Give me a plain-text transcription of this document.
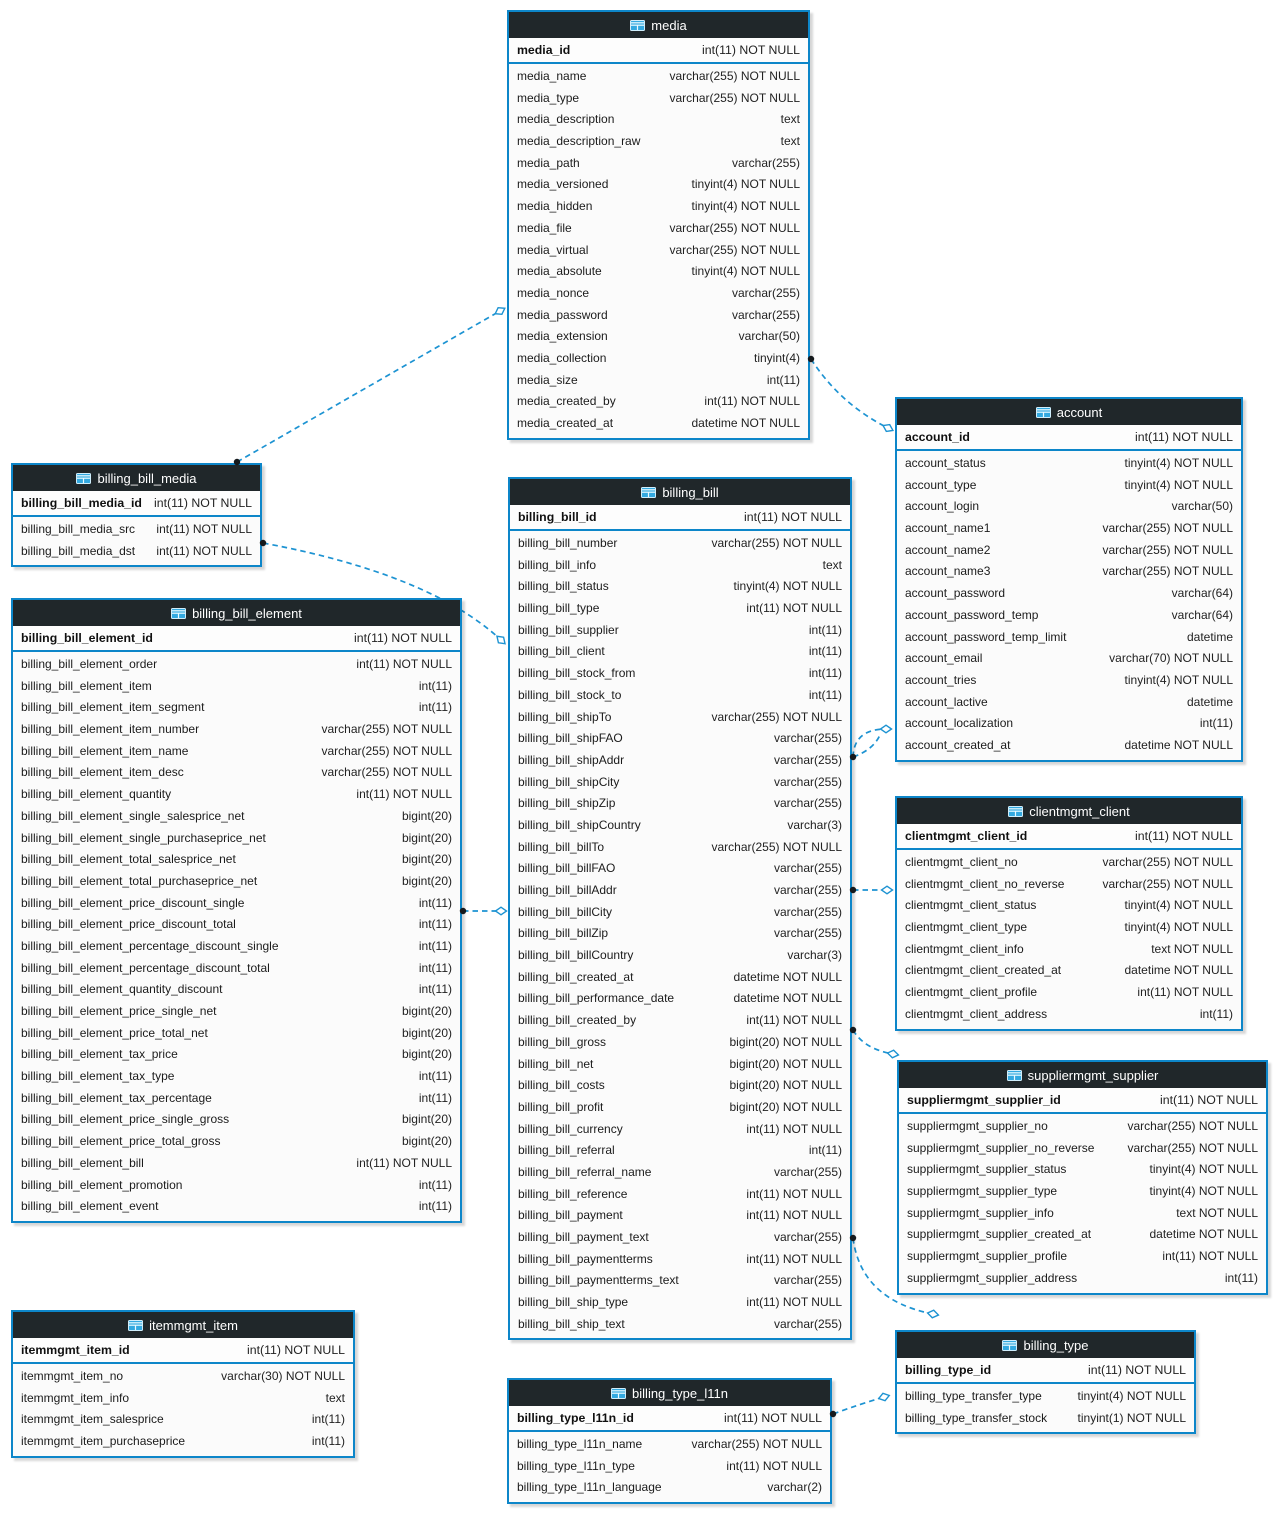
media
media_id	int(11) NOT NULL
media_name	varchar(255) NOT NULL
media_type	varchar(255) NOT NULL
media_description	text
media_description_raw	text
media_path	varchar(255)
media_versioned	tinyint(4) NOT NULL
media_hidden	tinyint(4) NOT NULL
media_file	varchar(255) NOT NULL
media_virtual	varchar(255) NOT NULL
media_absolute	tinyint(4) NOT NULL
media_nonce	varchar(255)
media_password	varchar(255)
media_extension	varchar(50)
media_collection	tinyint(4)
media_size	int(11)
media_created_by	int(11) NOT NULL
media_created_at	datetime NOT NULL
billing_bill_media
billing_bill_media_id int(11) NOT NULL
billing_bill_media_src int(11) NOT NULL
billing_bill_media_dst int(11) NOT NULL
billing_bill_element
billing_bill_element_id	int(11) NOT NULL
billing_bill_element_order	int(11) NOT NULL
billing_bill_element_item	int(11)
billing_bill_element_item_segment	int(11)
billing_bill_element_item_number	varchar(255) NOT NULL
billing_bill_element_item_name	varchar(255) NOT NULL
billing_bill_element_item_desc	varchar(255) NOT NULL
billing_bill_element_quantity	int(11) NOT NULL
billing_bill_element_single_salesprice_net	bigint(20)
billing_bill_element_single_purchaseprice_net	bigint(20)
billing_bill_element_total_salesprice_net	bigint(20)
billing_bill_element_total_purchaseprice_net	bigint(20)
billing_bill_element_price_discount_single	int(11)
billing_bill_element_price_discount_total	int(11)
billing_bill_element_percentage_discount_single	int(11)
billing_bill_element_percentage_discount_total	int(11)
billing_bill_element_quantity_discount	int(11)
billing_bill_element_price_single_net	bigint(20)
billing_bill_element_price_total_net	bigint(20)
billing_bill_element_tax_price	bigint(20)
billing_bill_element_tax_type	int(11)
billing_bill_element_tax_percentage	int(11)
billing_bill_element_price_single_gross	bigint(20)
billing_bill_element_price_total_gross	bigint(20)
billing_bill_element_bill	int(11) NOT NULL
billing_bill_element_promotion	int(11)
billing_bill_element_event	int(11)
billing_bill
billing_bill_id	int(11) NOT NULL
billing_bill_number	varchar(255) NOT NULL
billing_bill_info	text
billing_bill_status	tinyint(4) NOT NULL
billing_bill_type	int(11) NOT NULL
billing_bill_supplier	int(11)
billing_bill_client	int(11)
billing_bill_stock_from	int(11)
billing_bill_stock_to	int(11)
billing_bill_shipTo	varchar(255) NOT NULL
billing_bill_shipFAO	varchar(255)
billing_bill_shipAddr	varchar(255)
billing_bill_shipCity	varchar(255)
billing_bill_shipZip	varchar(255)
billing_bill_shipCountry	varchar(3)
billing_bill_billTo	varchar(255) NOT NULL
billing_bill_billFAO	varchar(255)
billing_bill_billAddr	varchar(255)
billing_bill_billCity	varchar(255)
billing_bill_billZip	varchar(255)
billing_bill_billCountry	varchar(3)
billing_bill_created_at	datetime NOT NULL
billing_bill_performance_date	datetime NOT NULL
billing_bill_created_by	int(11) NOT NULL
billing_bill_gross	bigint(20) NOT NULL
billing_bill_net	bigint(20) NOT NULL
billing_bill_costs	bigint(20) NOT NULL
billing_bill_profit	bigint(20) NOT NULL
billing_bill_currency	int(11) NOT NULL
billing_bill_referral	int(11)
billing_bill_referral_name	varchar(255)
billing_bill_reference	int(11) NOT NULL
billing_bill_payment	int(11) NOT NULL
billing_bill_payment_text	varchar(255)
billing_bill_paymentterms	int(11) NOT NULL
billing_bill_paymentterms_text	varchar(255)
billing_bill_ship_type	int(11) NOT NULL
billing_bill_ship_text	varchar(255)
account
account_id	int(11) NOT NULL
account_status	tinyint(4) NOT NULL
account_type	tinyint(4) NOT NULL
account_login	varchar(50)
account_name1	varchar(255) NOT NULL
account_name2	varchar(255) NOT NULL
account_name3	varchar(255) NOT NULL
account_password	varchar(64)
account_password_temp	varchar(64)
account_password_temp_limit	datetime
account_email	varchar(70) NOT NULL
account_tries	tinyint(4) NOT NULL
account_lactive	datetime
account_localization	int(11)
account_created_at	datetime NOT NULL
clientmgmt_client
clientmgmt_client_id	int(11) NOT NULL
clientmgmt_client_no	varchar(255) NOT NULL
clientmgmt_client_no_reverse	varchar(255) NOT NULL
clientmgmt_client_status	tinyint(4) NOT NULL
clientmgmt_client_type	tinyint(4) NOT NULL
clientmgmt_client_info	text NOT NULL
clientmgmt_client_created_at	datetime NOT NULL
clientmgmt_client_profile	int(11) NOT NULL
clientmgmt_client_address	int(11)
suppliermgmt_supplier
suppliermgmt_supplier_id	int(11) NOT NULL
suppliermgmt_supplier_no	varchar(255) NOT NULL
suppliermgmt_supplier_no_reverse	varchar(255) NOT NULL
suppliermgmt_supplier_status	tinyint(4) NOT NULL
suppliermgmt_supplier_type	tinyint(4) NOT NULL
suppliermgmt_supplier_info	text NOT NULL
suppliermgmt_supplier_created_at	datetime NOT NULL
suppliermgmt_supplier_profile	int(11) NOT NULL
suppliermgmt_supplier_address	int(11)
billing_type
billing_type_id	int(11) NOT NULL
billing_type_transfer_type	tinyint(4) NOT NULL
billing_type_transfer_stock	tinyint(1) NOT NULL
billing_type_l11n
billing_type_l11n_id	int(11) NOT NULL
billing_type_l11n_name	varchar(255) NOT NULL
billing_type_l11n_type	int(11) NOT NULL
billing_type_l11n_language	varchar(2)
itemmgmt_item
itemmgmt_item_id	int(11) NOT NULL
itemmgmt_item_no	varchar(30) NOT NULL
itemmgmt_item_info	text
itemmgmt_item_salesprice	int(11)
itemmgmt_item_purchaseprice	int(11)
